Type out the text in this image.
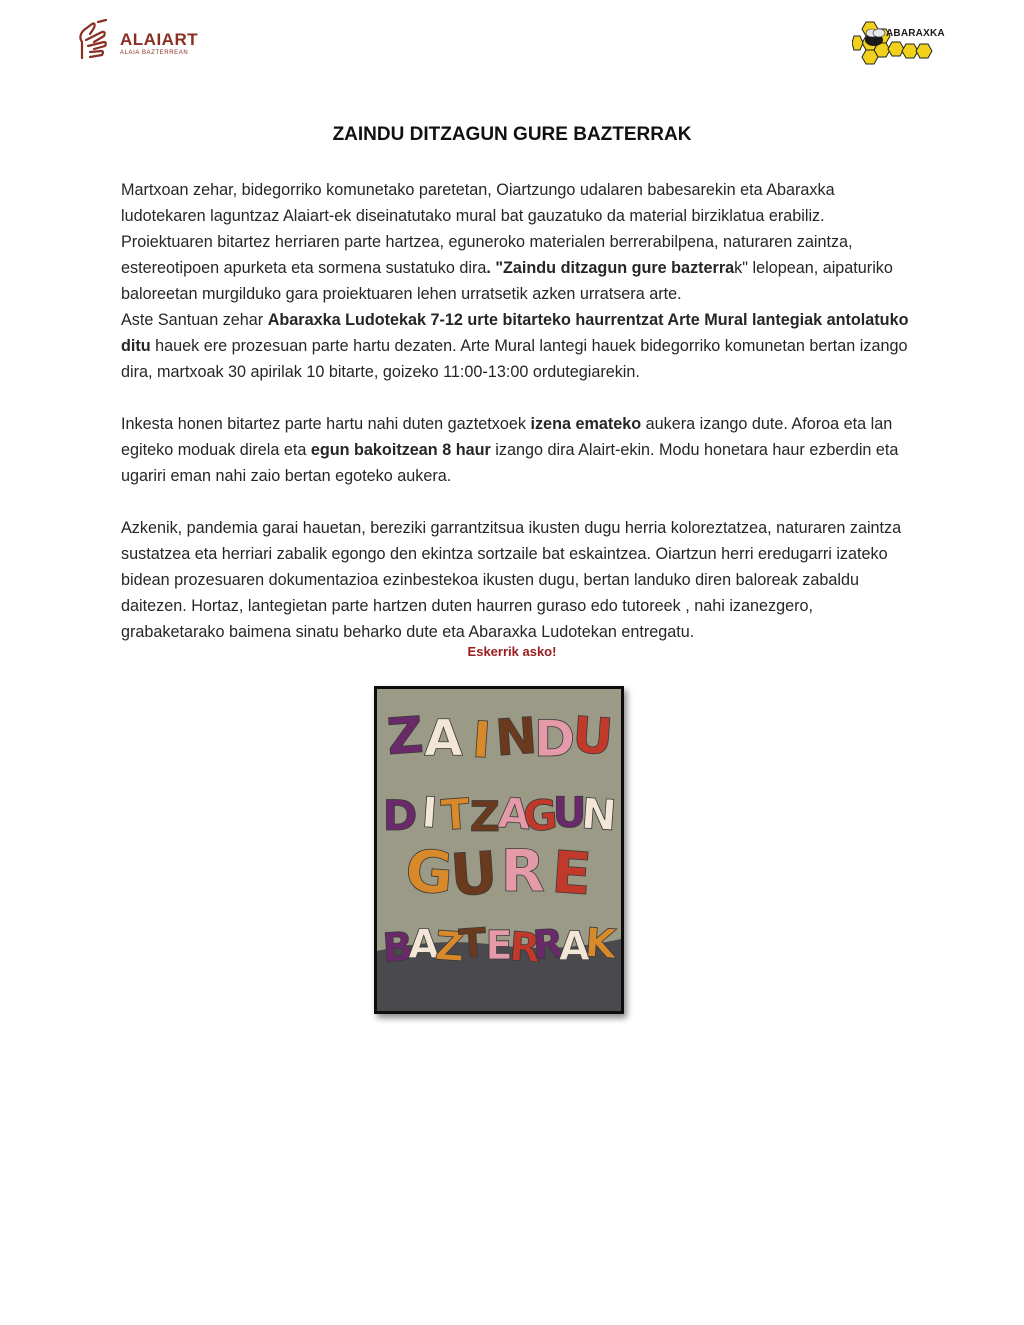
ALAIART
ALAIA BAZTERREAN
ABARAXKA
ZAINDU DITZAGUN GURE BAZTERRAK

Martxoan zehar, bidegorriko komunetako paretetan, Oiartzungo udalaren babesarekin eta Abaraxka ludotekaren laguntzaz Alaiart-ek diseinatutako mural bat gauzatuko da material birziklatua erabiliz. Proiektuaren bitartez herriaren parte hartzea, eguneroko materialen berrerabilpena, naturaren zaintza, estereotipoen apurketa eta sormena sustatuko dira. "Zaindu ditzagun gure bazterrak" lelopean, aipaturiko baloreetan murgilduko gara proiektuaren lehen urratsetik azken urratsera arte.

Aste Santuan zehar Abaraxka Ludotekak 7-12 urte bitarteko haurrentzat Arte Mural lantegiak antolatuko ditu hauek ere prozesuan parte hartu dezaten. Arte Mural lantegi hauek bidegorriko komunetan bertan izango dira, martxoak 30 apirilak 10 bitarte, goizeko 11:00-13:00 ordutegiarekin.

Inkesta honen bitartez parte hartu nahi duten gaztetxoek izena emateko aukera izango dute. Aforoa eta lan egiteko moduak direla eta egun bakoitzean 8 haur izango dira Alairt-ekin. Modu honetara haur ezberdin eta ugariri eman nahi zaio bertan egoteko aukera.

Azkenik, pandemia garai hauetan, bereziki garrantzitsua ikusten dugu herria koloreztatzea, naturaren zaintza sustatzea eta herriari zabalik egongo den ekintza sortzaile bat eskaintzea. Oiartzun herri eredugarri izateko bidean prozesuaren dokumentazioa ezinbestekoa ikusten dugu, bertan landuko diren baloreak zabaldu daitezen. Hortaz, lantegietan parte hartzen duten haurren guraso edo tutoreek , nahi izanezgero, grabaketarako baimena sinatu beharko dute eta Abaraxka Ludotekan entregatu.

Eskerrik asko!
Z
A I N
D
U
D I T
Z
A
G
U
N
G
U R E
B
A
Z
T
E
R
R
A
K
